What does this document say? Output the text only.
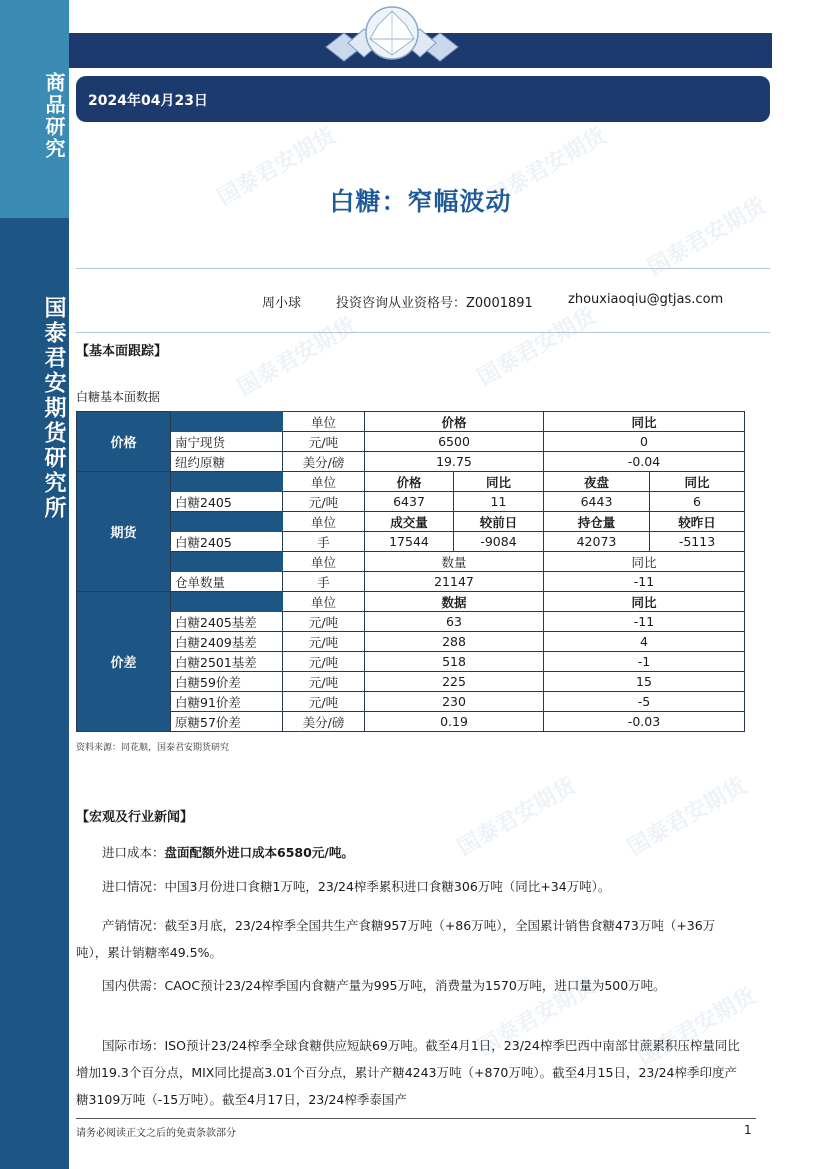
商品研究
国泰君安期货研究所
2024年04月23日
国泰君安期货	国泰君安期货
国泰君安期货
国泰君安期货	国泰君安期货
国泰君安期货 国泰君安期货
国泰君安期货 国泰君安期货
白糖：窄幅波动
周小球	投资咨询从业资格号：Z0001891	zhouxiaoqiu@gtjas.com
【基本面跟踪】
白糖基本面数据
价格		单位	价格		同比	
	南宁现货	元/吨	6500		0	
	纽约原糖	美分/磅	19.75		-0.04	
期货		单位	价格	同比	夜盘	同比
	白糖2405	元/吨	6437	11	6443	6
		单位	成交量	较前日	持仓量	较昨日
	白糖2405	手	17544	-9084	42073	-5113
		单位	数量		同比	
	仓单数量	手	21147		-11	
价差		单位	数据		同比	
	白糖2405基差	元/吨	63		-11	
	白糖2409基差	元/吨	288		4	
	白糖2501基差	元/吨	518		-1	
	白糖59价差	元/吨	225		15	
	白糖91价差	元/吨	230		-5	
	原糖57价差	美分/磅	0.19		-0.03	
资料来源：同花顺，国泰君安期货研究
【宏观及行业新闻】
进口成本：盘面配额外进口成本6580元/吨。
进口情况：中国3月份进口食糖1万吨，23/24榨季累积进口食糖306万吨（同比+34万吨）。
产销情况：截至3月底，23/24榨季全国共生产食糖957万吨（+86万吨），全国累计销售食糖473万吨（+36万吨），累计销糖率49.5%。
国内供需：CAOC预计23/24榨季国内食糖产量为995万吨，消费量为1570万吨，进口量为500万吨。
国际市场：ISO预计23/24榨季全球食糖供应短缺69万吨。截至4月1日，23/24榨季巴西中南部甘蔗累积压榨量同比增加19.3个百分点，MIX同比提高3.01个百分点，累计产糖4243万吨（+870万吨）。截至4月15日，23/24榨季印度产糖3109万吨（-15万吨）。截至4月17日，23/24榨季泰国产
请务必阅读正文之后的免责条款部分	1
